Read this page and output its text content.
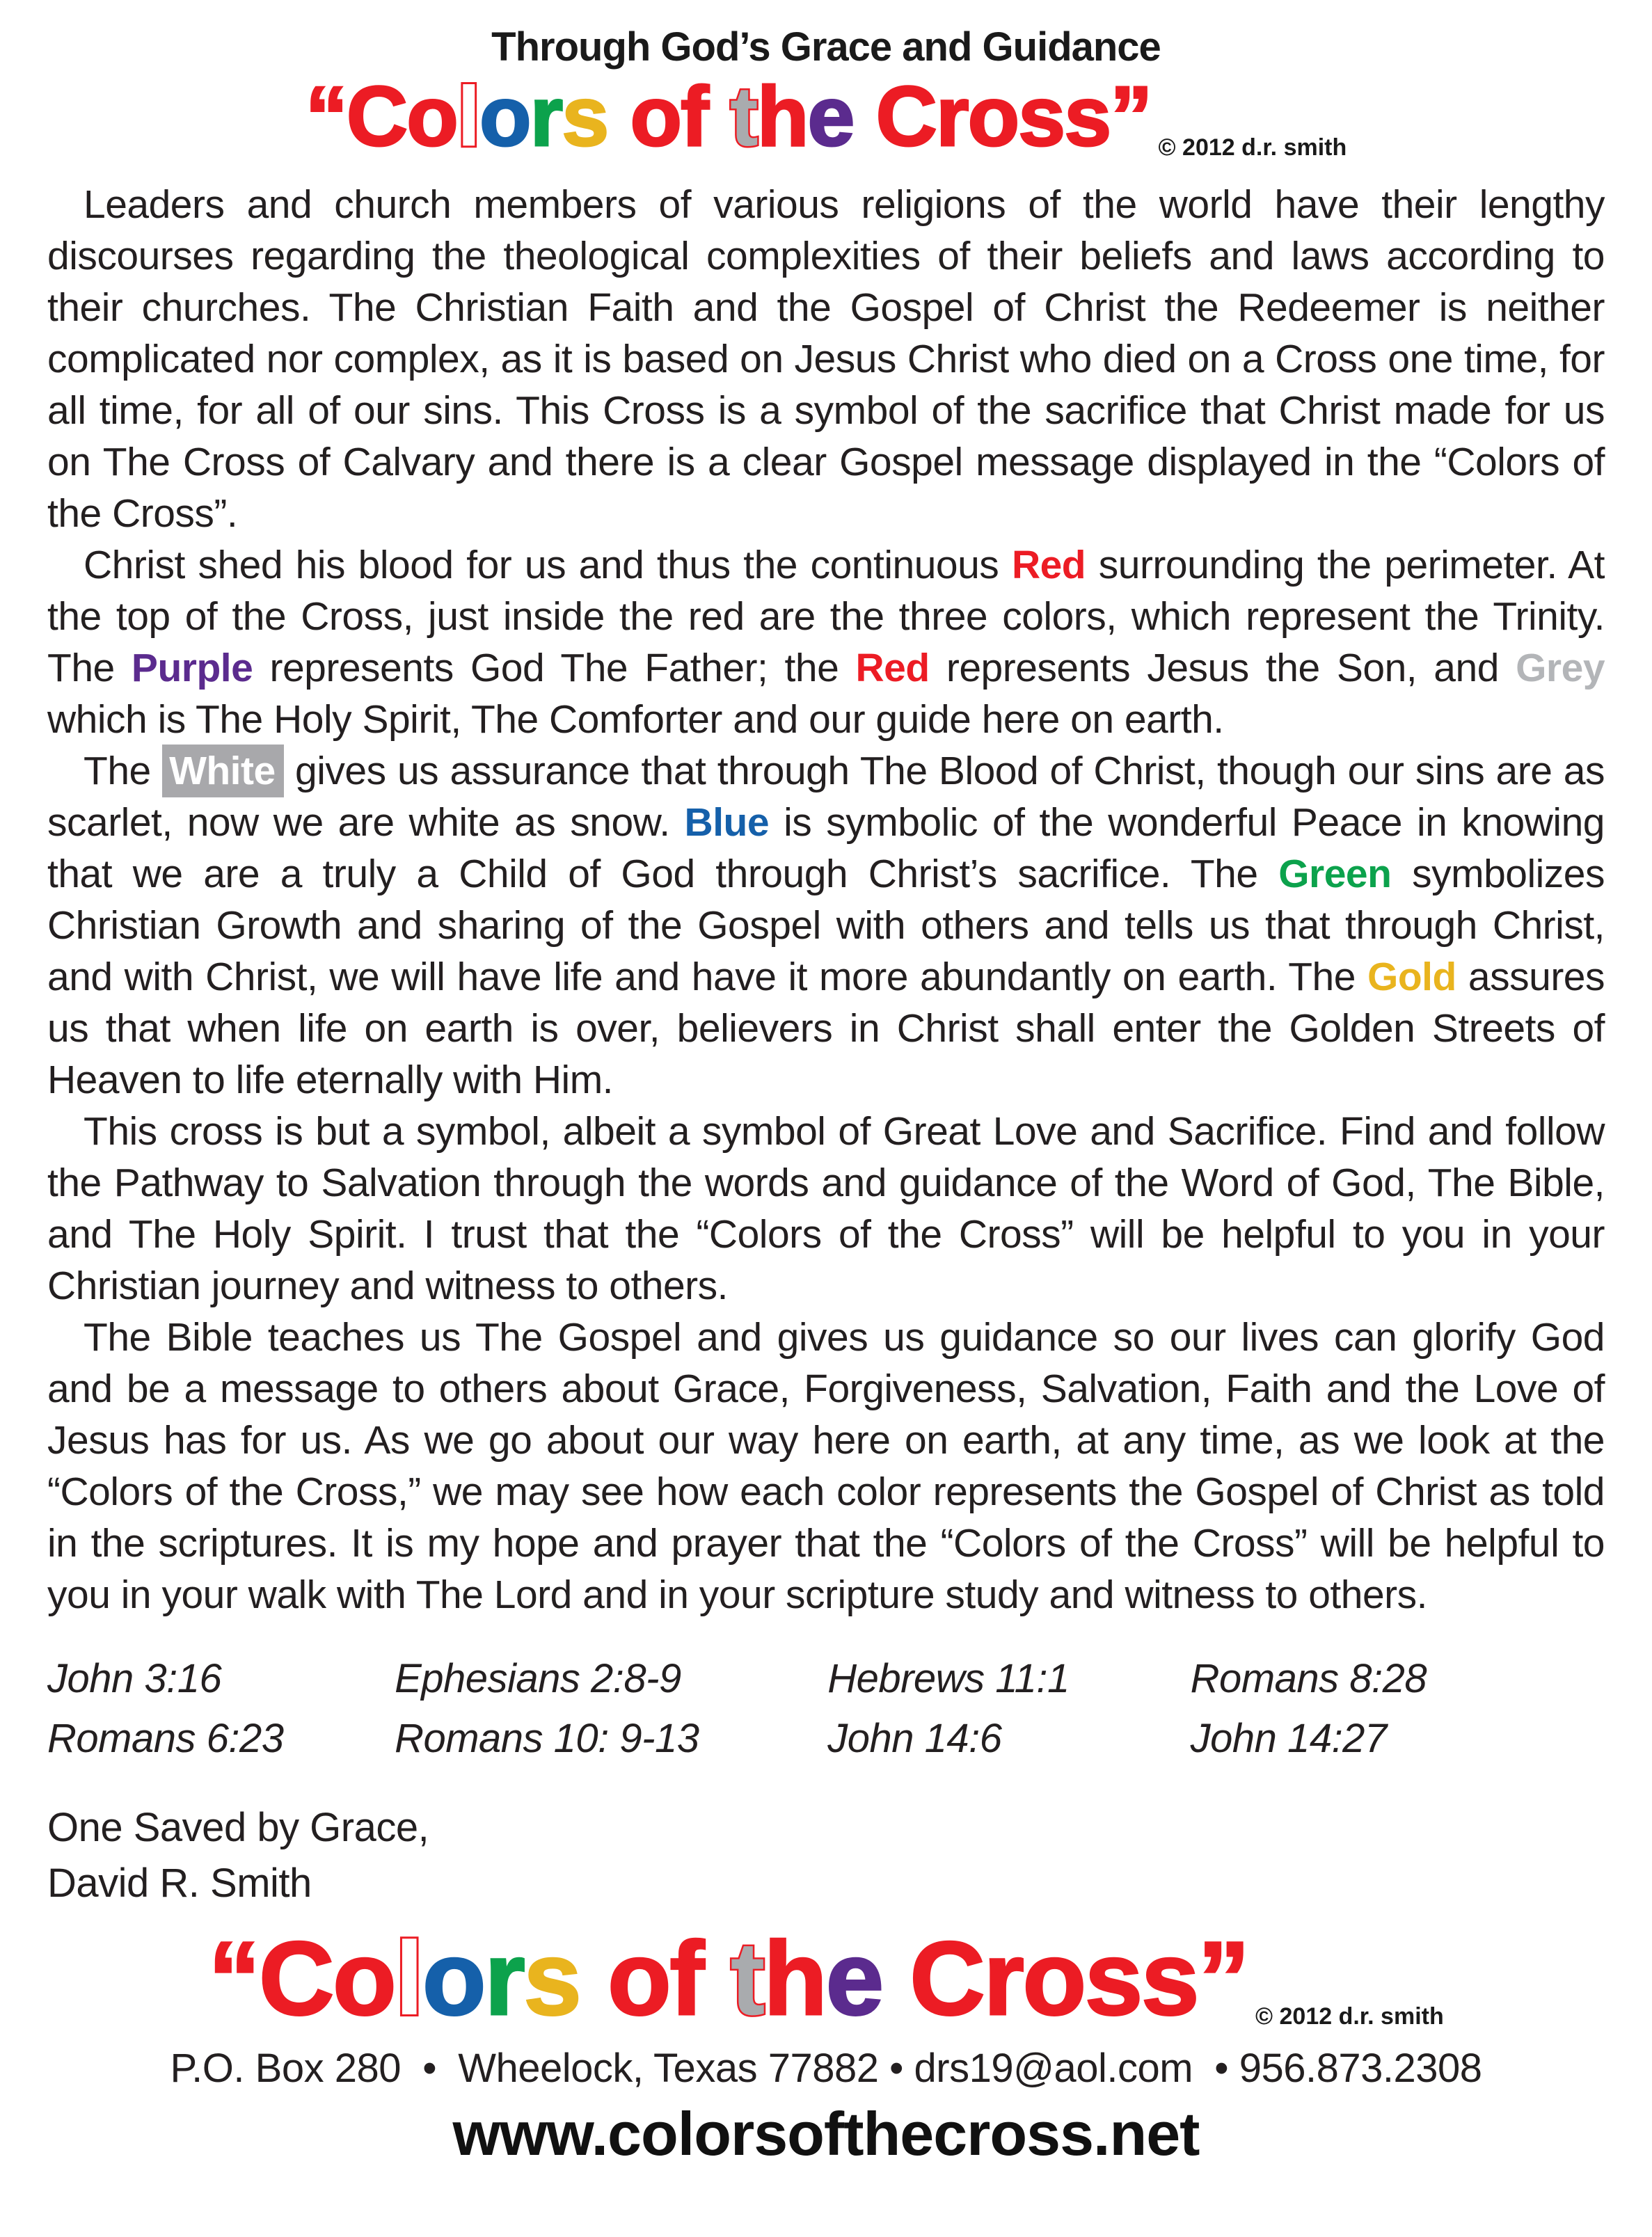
Through God’s Grace and Guidance
“Colors of the Cross” © 2012 d.r. smith

Leaders and church members of various religions of the world have their lengthy discourses regarding the theological complexities of their beliefs and laws according to their churches. The Christian Faith and the Gospel of Christ the Redeemer is neither complicated nor complex, as it is based on Jesus Christ who died on a Cross one time, for all time, for all of our sins. This Cross is a symbol of the sacrifice that Christ made for us on The Cross of Calvary and there is a clear Gospel message displayed in the “Colors of the Cross”.

Christ shed his blood for us and thus the continuous Red surrounding the perimeter. At the top of the Cross, just inside the red are the three colors, which represent the Trinity. The Purple represents God The Father; the Red represents Jesus the Son, and Grey which is The Holy Spirit, The Comforter and our guide here on earth.

The White gives us assurance that through The Blood of Christ, though our sins are as scarlet, now we are white as snow. Blue is symbolic of the wonderful Peace in knowing that we are a truly a Child of God through Christ’s sacrifice. The Green symbolizes Christian Growth and sharing of the Gospel with others and tells us that through Christ, and with Christ, we will have life and have it more abundantly on earth. The Gold assures us that when life on earth is over, believers in Christ shall enter the Golden Streets of Heaven to life eternally with Him.

This cross is but a symbol, albeit a symbol of Great Love and Sacrifice. Find and follow the Pathway to Salvation through the words and guidance of the Word of God, The Bible, and The Holy Spirit. I trust that the “Colors of the Cross” will be helpful to you in your Christian journey and witness to others.

The Bible teaches us The Gospel and gives us guidance so our lives can glorify God and be a message to others about Grace, Forgiveness, Salvation, Faith and the Love of Jesus has for us. As we go about our way here on earth, at any time, as we look at the “Colors of the Cross,” we may see how each color represents the Gospel of Christ as told in the scriptures. It is my hope and prayer that the “Colors of the Cross” will be helpful to you in your walk with The Lord and in your scripture study and witness to others.

John 3:16	Ephesians 2:8-9	Hebrews 11:1	Romans 8:28
Romans 6:23	Romans 10: 9-13	John 14:6	John 14:27
One Saved by Grace,
David R. Smith
“Colors of the Cross” © 2012 d.r. smith
P.O. Box 280  •  Wheelock, Texas 77882 • drs19@aol.com  • 956.873.2308
www.colorsofthecross.net
